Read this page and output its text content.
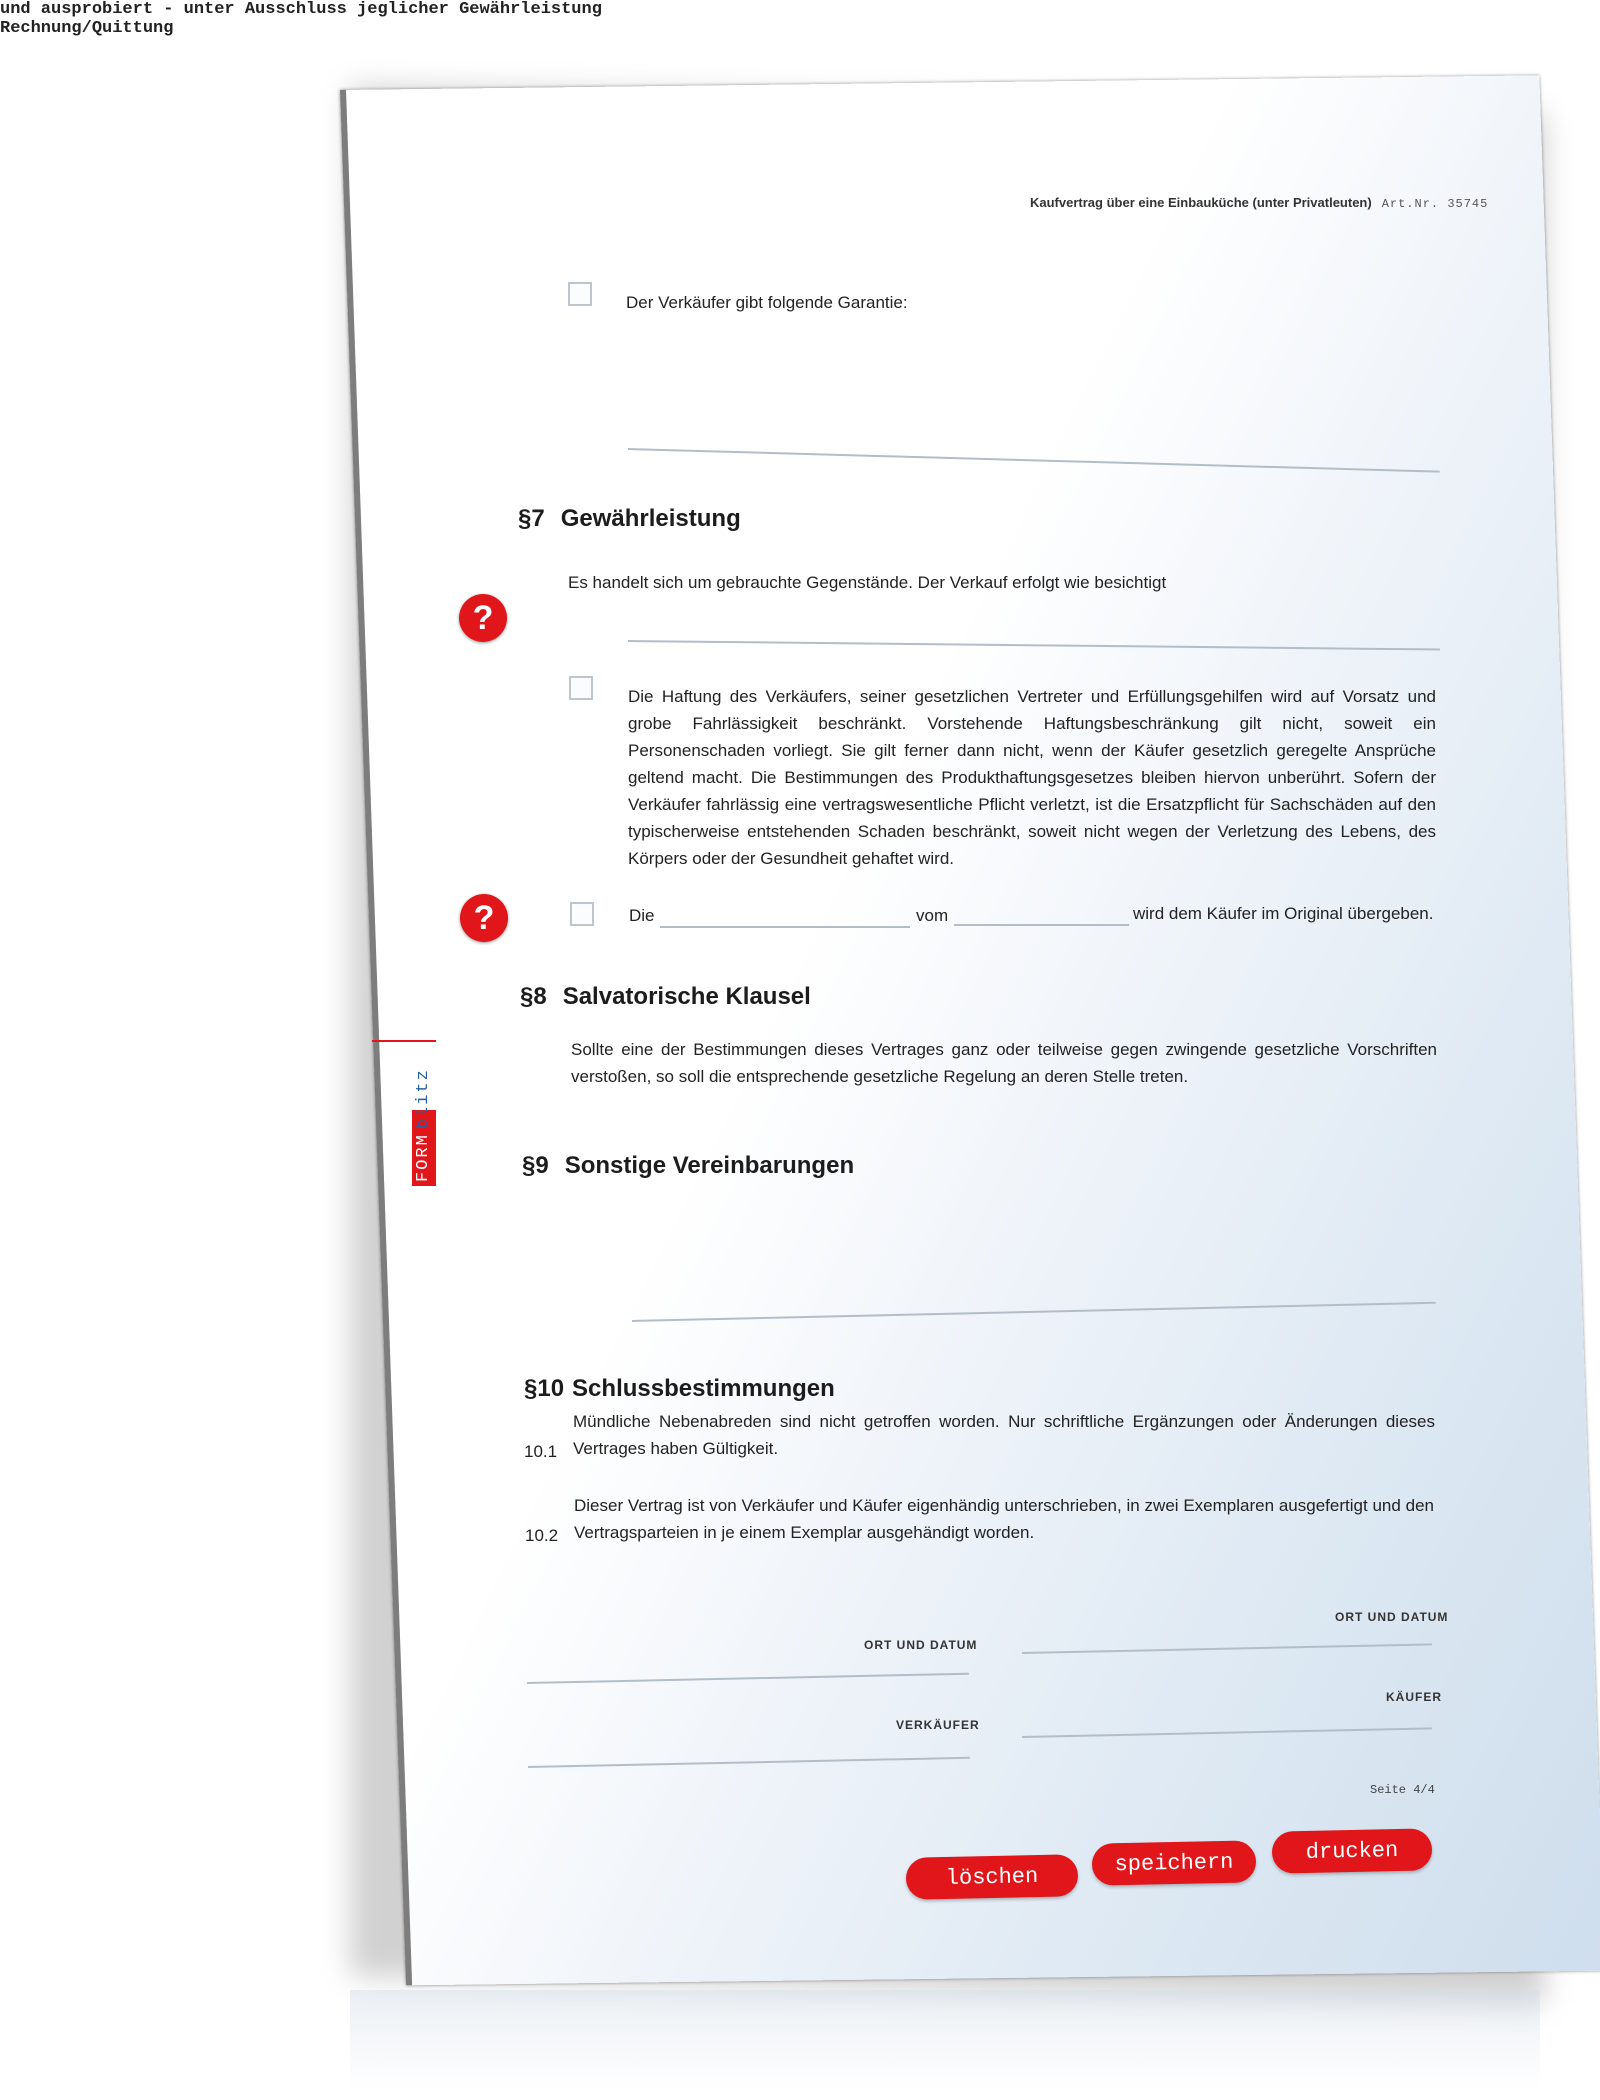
Kaufvertrag über eine Einbauküche (unter Privatleuten) Art.Nr. 35745
Der Verkäufer gibt folgende Garantie:
§7 Gewährleistung
Es handelt sich um gebrauchte Gegenstände. Der Verkauf erfolgt wie besichtigt
?
und ausprobiert - unter Ausschluss jeglicher Gewährleistung
Die Haftung des Verkäufers, seiner gesetzlichen Vertreter und Erfüllungsgehilfen wird auf Vorsatz und grobe Fahrlässigkeit beschränkt. Vorstehende Haftungsbeschränkung gilt nicht, soweit ein Personenschaden vorliegt. Sie gilt ferner dann nicht, wenn der Käufer gesetzlich geregelte Ansprüche geltend macht. Die Bestimmungen des Produkthaftungsgesetzes bleiben hiervon unberührt. Sofern der Verkäufer fahrlässig eine vertragswesentliche Pflicht verletzt, ist die Ersatzpflicht für Sachschäden auf den typischerweise entstehenden Schaden beschränkt, soweit nicht wegen der Verletzung des Lebens, des Körpers oder der Gesundheit gehaftet wird.
?	Die
Rechnung/Quittung
vom	wird dem Käufer im Original übergeben.
§8 Salvatorische Klausel
Sollte eine der Bestimmungen dieses Vertrages ganz oder teilweise gegen zwingende gesetzliche Vorschriften verstoßen, so soll die entsprechende gesetzliche Regelung an deren Stelle treten.
FORMblitz
§9 Sonstige Vereinbarungen
§10 Schlussbestimmungen
10.1
Mündliche Nebenabreden sind nicht getroffen worden. Nur schriftliche Ergänzungen oder Änderungen dieses Vertrages haben Gültigkeit.
10.2
Dieser Vertrag ist von Verkäufer und Käufer eigenhändig unterschrieben, in zwei Exemplaren ausgefertigt und den Vertragsparteien in je einem Exemplar ausgehändigt worden.
ORT UND DATUM
ORT UND DATUM
VERKÄUFER
KÄUFER
Seite 4/4
löschen
speichern	drucken
